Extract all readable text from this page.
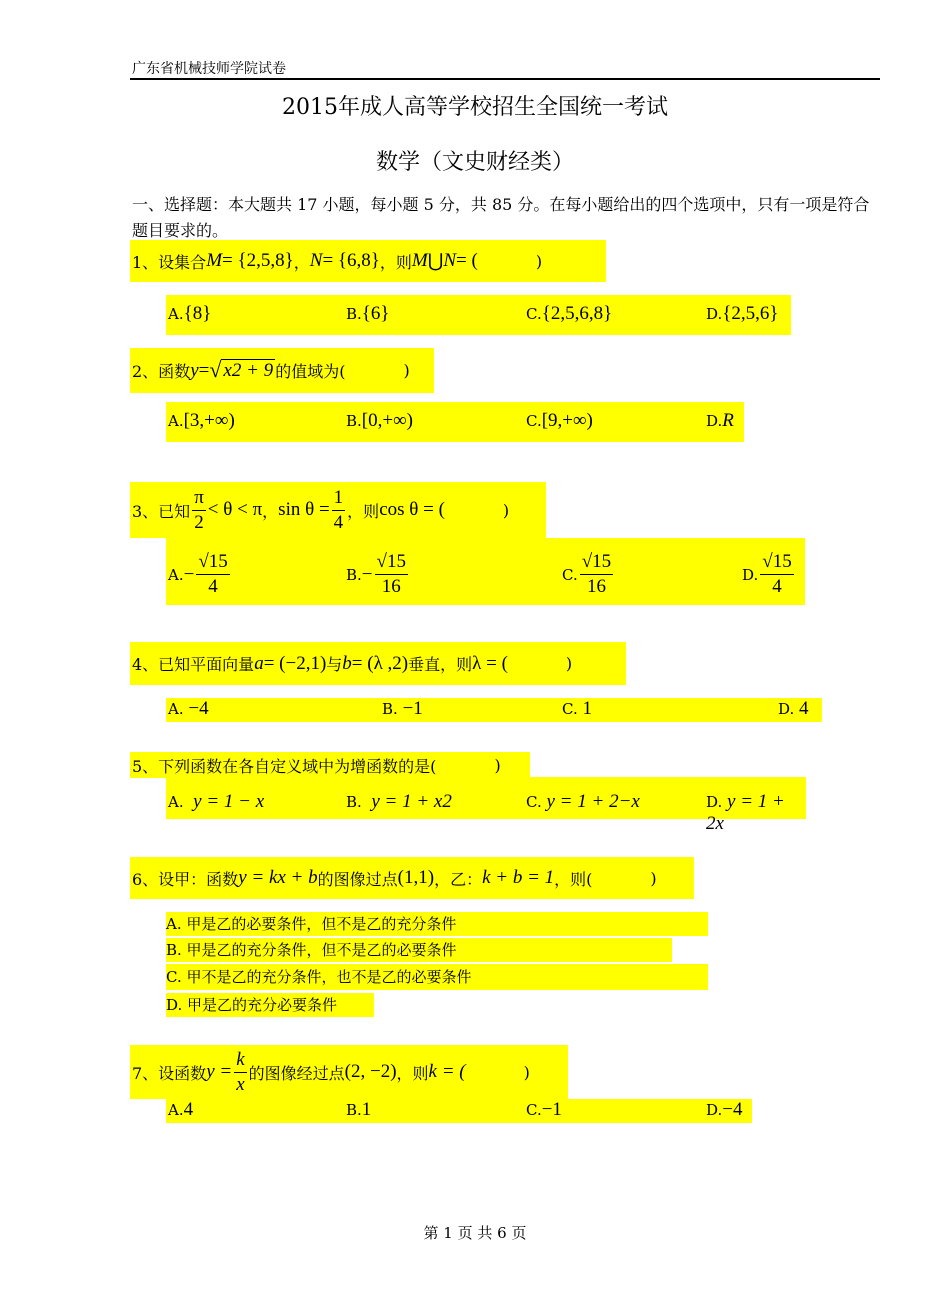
广东省机械技师学院试卷
2015年成人高等学校招生全国统一考试
数学（文史财经类）
一、选择题：本大题共 17 小题，每小题 5 分，共 85 分。在每小题给出的四个选项中，只有一项是符合题目要求的。
1、设集合 M = {2,5,8} ， N = {6,8} ，则 M ⋃ N = (	)
A.{8}	B.{6}	C.{2,5,6,8}	D.{2,5,6}
2、函数 y = √ x2 + 9 的值域为(	)
A.[3,+∞)	B.[0,+∞)	C.[9,+∞)	D.R
3、已知 $\frac{\pi}{2} < \theta < \pi$ ， $\sin \theta = \frac{1}{4}$ ，则 cos θ = (	)
A. − $\frac{√15}{4}$	B. − $\frac{√15}{16}$	C. $\frac{√15}{16}$	D. $\frac{√15}{4}$
4、已知平面向量 a = (−2,1) 与 b = (λ ,2) 垂直，则 λ = (	)
A. −4	B. −1	C. 1	D. 4
5、下列函数在各自定义域中为增函数的是(	)
A. y = 1 − x	B. y = 1 + x2	C. y = 1 + 2−x	D. y = 1 + 2x
6、设甲：函数 y = kx + b 的图像过点 (1,1) ，乙： k + b = 1 ，则(	)
A. 甲是乙的必要条件，但不是乙的充分条件
B. 甲是乙的充分条件，但不是乙的必要条件
C. 甲不是乙的充分条件，也不是乙的必要条件
D. 甲是乙的充分必要条件
7、设函数 $y = \frac{k}{x}$ 的图像经过点 (2, −2) ，则 k = (	)
A.4	B.1	C.−1	D.−4
第 1 页 共 6 页
